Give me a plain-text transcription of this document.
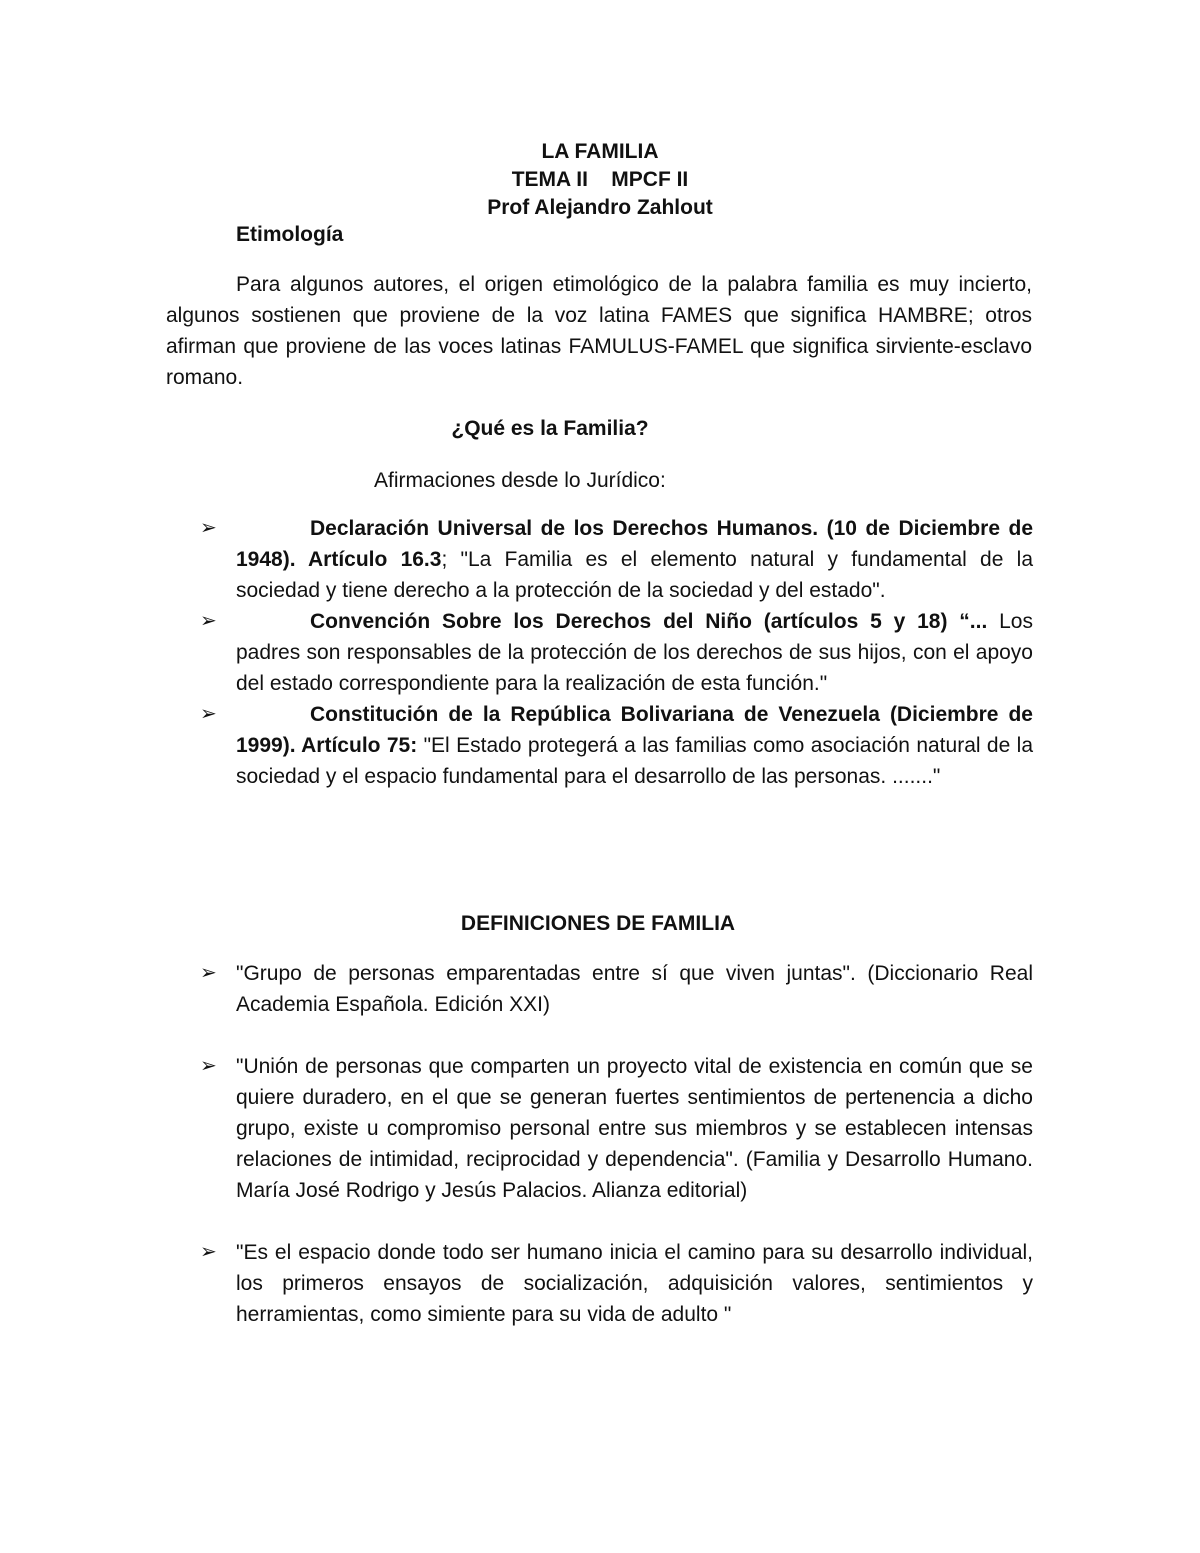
LA FAMILIA
TEMA II    MPCF II
Prof Alejandro Zahlout
Etimología
Para algunos autores, el origen etimológico de la palabra familia es muy incierto, algunos sostienen que proviene de la voz latina FAMES que significa HAMBRE; otros afirman que proviene de las voces latinas FAMULUS-FAMEL que significa sirviente-esclavo romano.
¿Qué es la Familia?
Afirmaciones desde lo Jurídico:
➢	Declaración Universal de los Derechos Humanos. (10 de Diciembre de 1948). Artículo 16.3; "La Familia es el elemento natural y fundamental de la sociedad y tiene derecho a la protección de la sociedad y del estado".
➢	Convención Sobre los Derechos del Niño (artículos 5 y 18) “... Los padres son responsables de la protección de los derechos de sus hijos, con el apoyo del estado correspondiente para la realización de esta función."
➢	Constitución de la República Bolivariana de Venezuela (Diciembre de 1999). Artículo 75: "El Estado protegerá a las familias como asociación natural de la sociedad y el espacio fundamental para el desarrollo de las personas. ......."
DEFINICIONES DE FAMILIA
➢ "Grupo de personas emparentadas entre sí que viven juntas". (Diccionario Real Academia Española. Edición XXI)
➢ "Unión de personas que comparten un proyecto vital de existencia en común que se quiere duradero, en el que se generan fuertes sentimientos de pertenencia a dicho grupo, existe u compromiso personal entre sus miembros y se establecen intensas relaciones de intimidad, reciprocidad y dependencia". (Familia y Desarrollo Humano. María José Rodrigo y Jesús Palacios. Alianza editorial)
➢ "Es el espacio donde todo ser humano inicia el camino para su desarrollo individual, los primeros ensayos de socialización, adquisición valores, sentimientos y herramientas, como simiente para su vida de adulto "
